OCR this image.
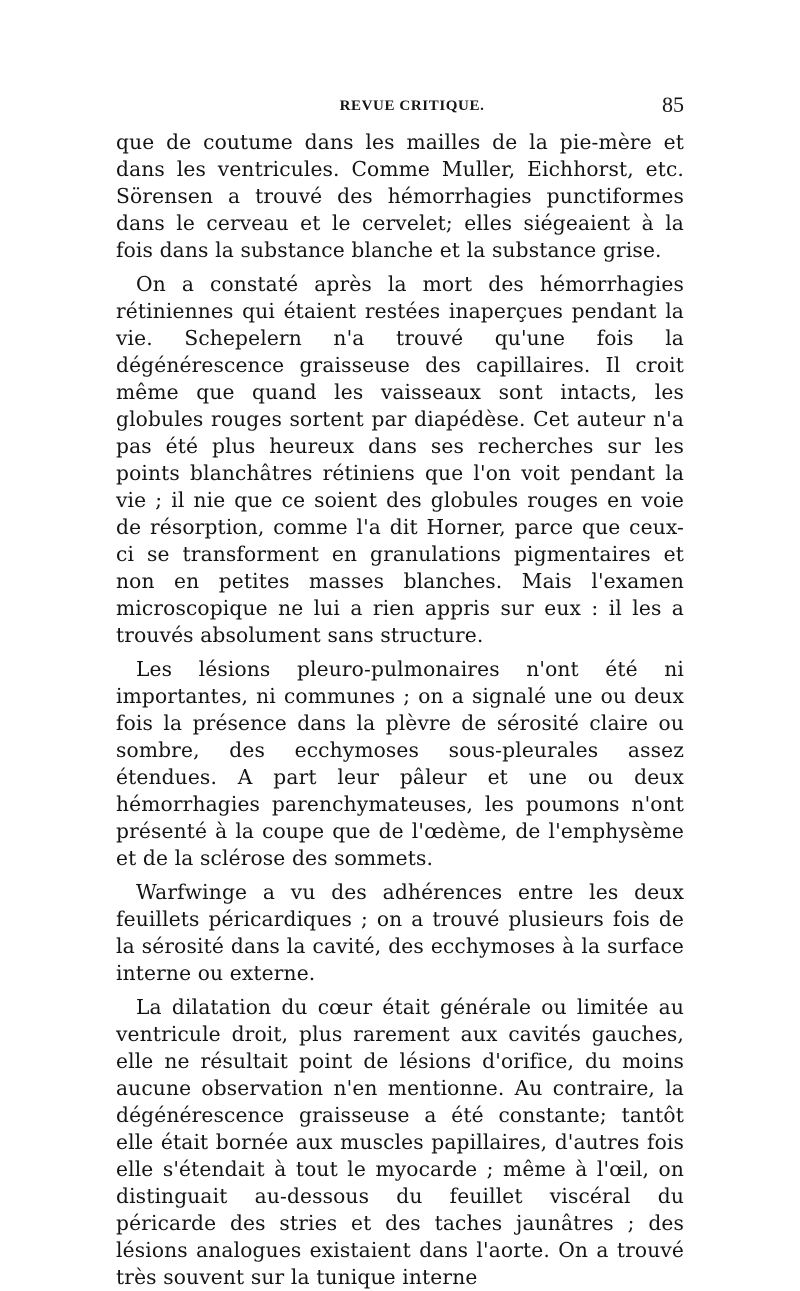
REVUE CRITIQUE.	85

que de coutume dans les mailles de la pie-mère et dans les ventricules. Comme Muller, Eichhorst, etc. Sörensen a trouvé des hémorrhagies punctiformes dans le cerveau et le cervelet; elles siégeaient à la fois dans la substance blanche et la substance grise.

On a constaté après la mort des hémorrhagies rétiniennes qui étaient restées inaperçues pendant la vie. Schepelern n'a trouvé qu'une fois la dégénérescence graisseuse des capillaires. Il croit même que quand les vaisseaux sont intacts, les globules rouges sortent par diapédèse. Cet auteur n'a pas été plus heureux dans ses recherches sur les points blanchâtres rétiniens que l'on voit pendant la vie ; il nie que ce soient des globules rouges en voie de résorption, comme l'a dit Horner, parce que ceux-ci se transforment en granulations pigmentaires et non en petites masses blanches. Mais l'examen microscopique ne lui a rien appris sur eux : il les a trouvés absolument sans structure.

Les lésions pleuro-pulmonaires n'ont été ni importantes, ni communes ; on a signalé une ou deux fois la présence dans la plèvre de sérosité claire ou sombre, des ecchymoses sous-pleurales assez étendues. A part leur pâleur et une ou deux hémorrhagies parenchymateuses, les poumons n'ont présenté à la coupe que de l'œdème, de l'emphysème et de la sclérose des sommets.

Warfwinge a vu des adhérences entre les deux feuillets péricardiques ; on a trouvé plusieurs fois de la sérosité dans la cavité, des ecchymoses à la surface interne ou externe.

La dilatation du cœur était générale ou limitée au ventricule droit, plus rarement aux cavités gauches, elle ne résultait point de lésions d'orifice, du moins aucune observation n'en mentionne. Au contraire, la dégénérescence graisseuse a été constante; tantôt elle était bornée aux muscles papillaires, d'autres fois elle s'étendait à tout le myocarde ; même à l'œil, on distinguait au-dessous du feuillet viscéral du péricarde des stries et des taches jaunâtres ; des lésions analogues existaient dans l'aorte. On a trouvé très souvent sur la tunique interne
